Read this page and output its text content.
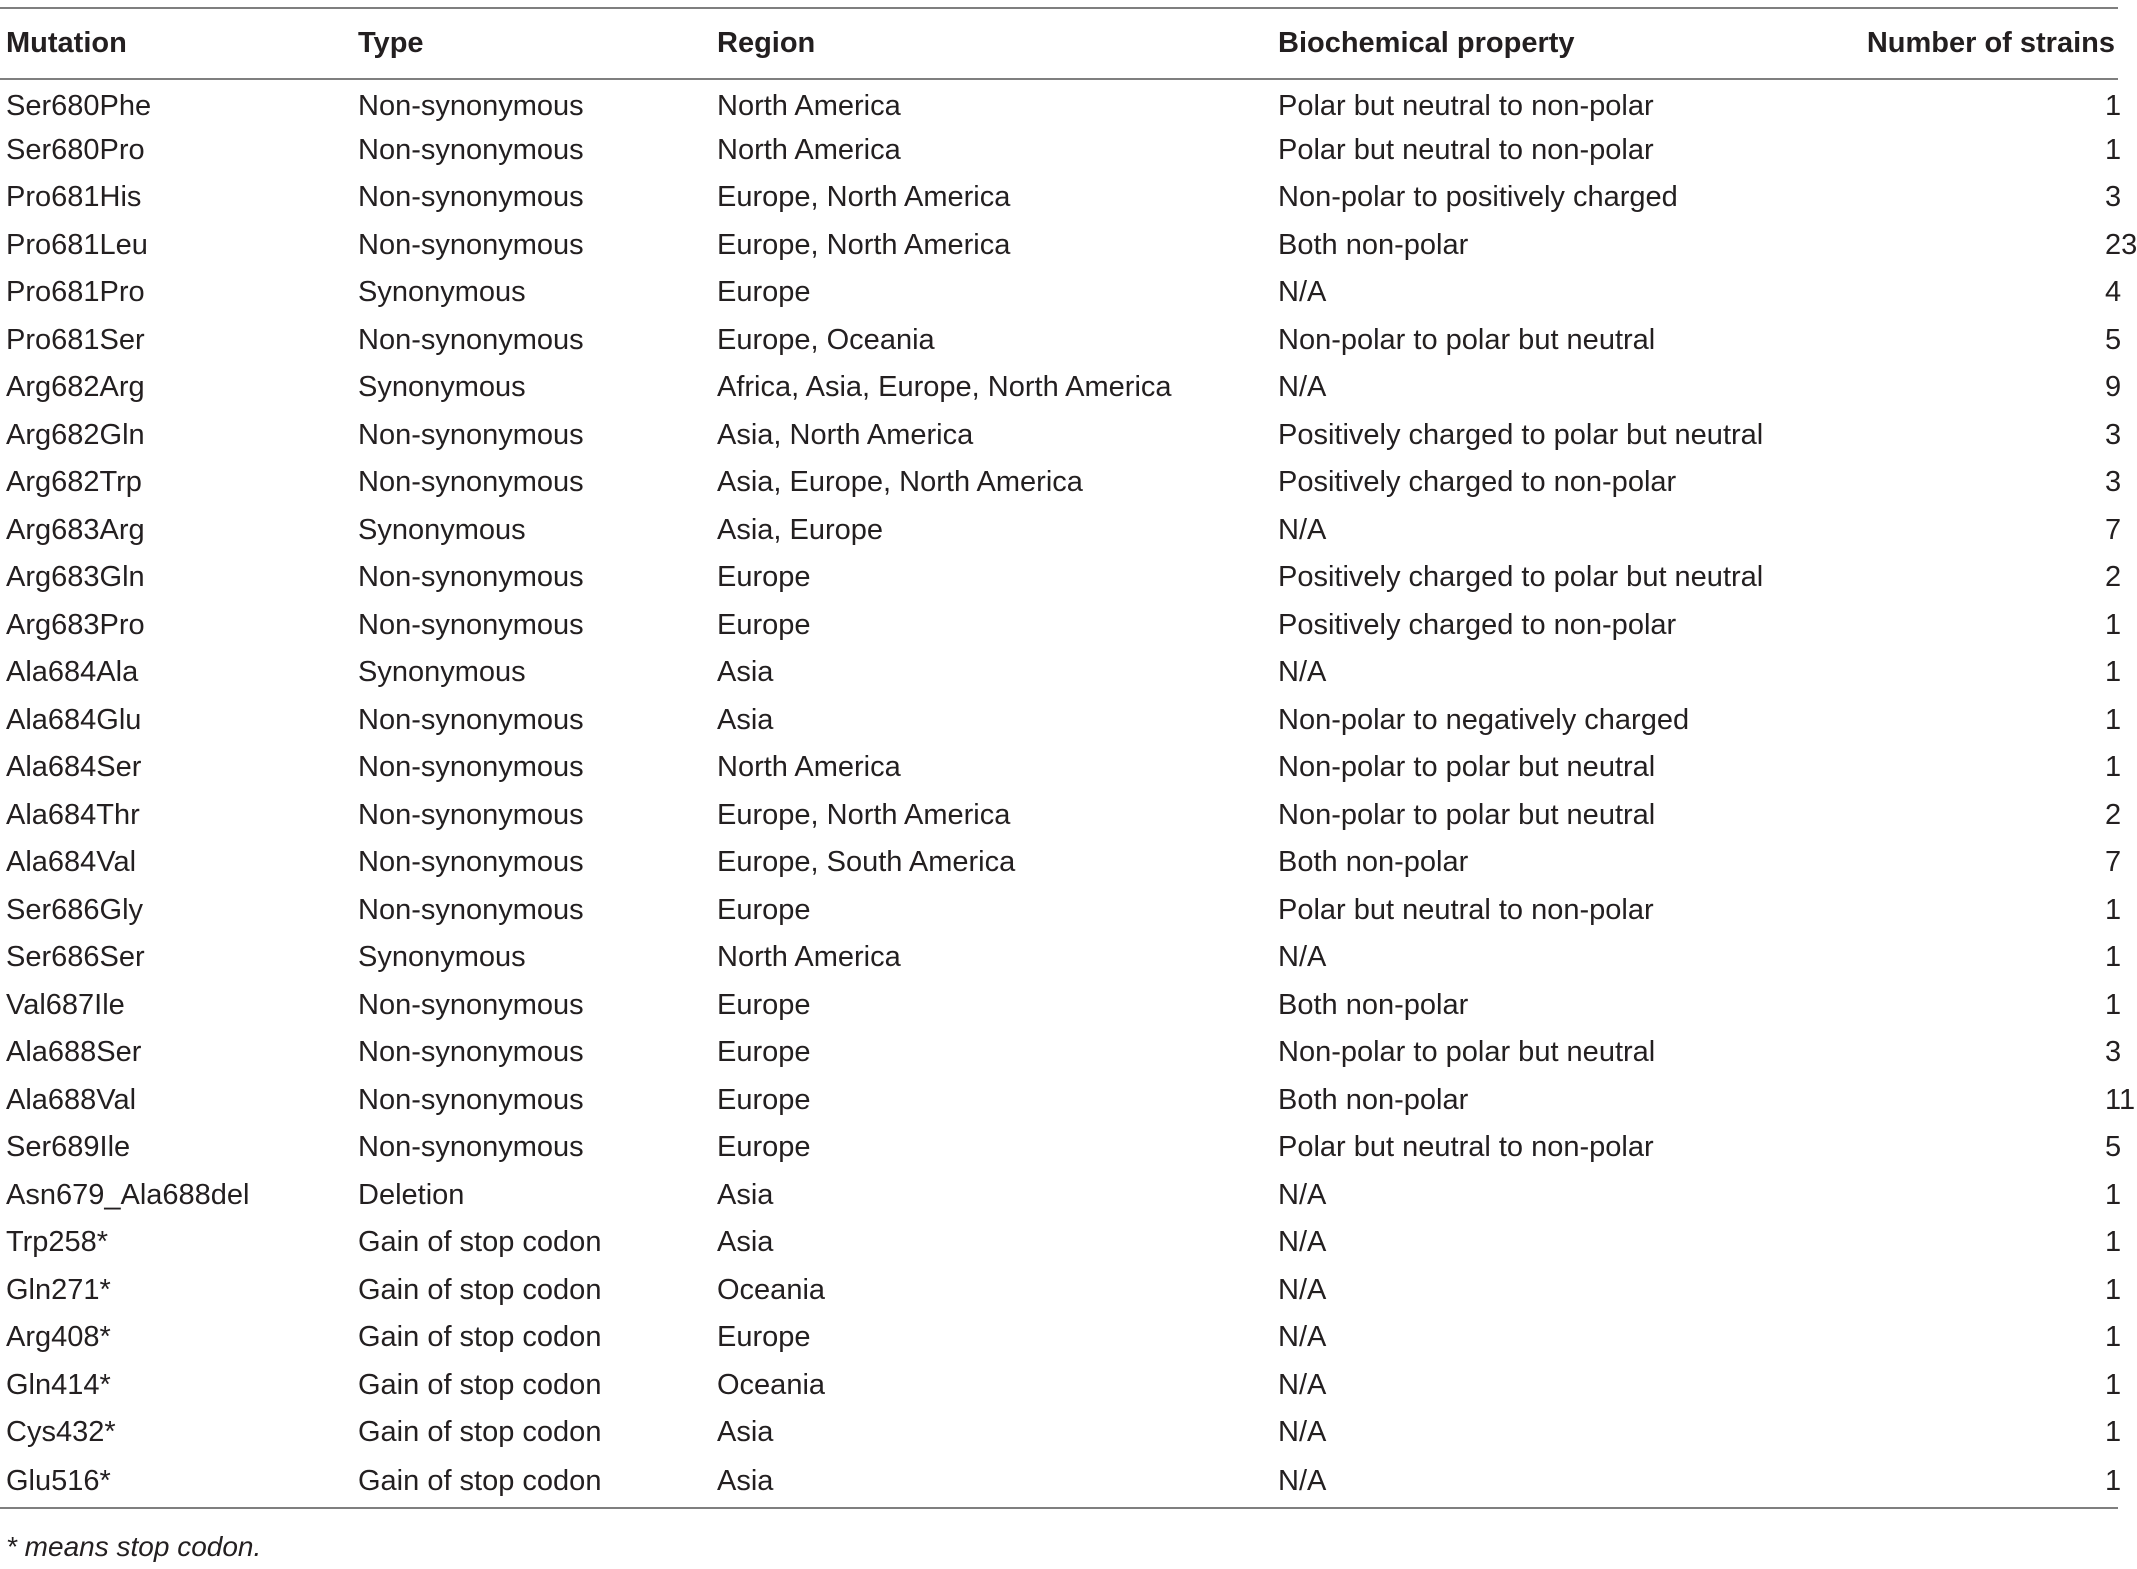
Mutation	Type	Region	Biochemical property	Number of strains
Ser680Phe	Non-synonymous	North America	Polar but neutral to non-polar	1
Ser680Pro	Non-synonymous	North America	Polar but neutral to non-polar	1
Pro681His	Non-synonymous	Europe, North America	Non-polar to positively charged	3
Pro681Leu	Non-synonymous	Europe, North America	Both non-polar	23
Pro681Pro	Synonymous	Europe	N/A	4
Pro681Ser	Non-synonymous	Europe, Oceania	Non-polar to polar but neutral	5
Arg682Arg	Synonymous	Africa, Asia, Europe, North America	N/A	9
Arg682Gln	Non-synonymous	Asia, North America	Positively charged to polar but neutral	3
Arg682Trp	Non-synonymous	Asia, Europe, North America	Positively charged to non-polar	3
Arg683Arg	Synonymous	Asia, Europe	N/A	7
Arg683Gln	Non-synonymous	Europe	Positively charged to polar but neutral	2
Arg683Pro	Non-synonymous	Europe	Positively charged to non-polar	1
Ala684Ala	Synonymous	Asia	N/A	1
Ala684Glu	Non-synonymous	Asia	Non-polar to negatively charged	1
Ala684Ser	Non-synonymous	North America	Non-polar to polar but neutral	1
Ala684Thr	Non-synonymous	Europe, North America	Non-polar to polar but neutral	2
Ala684Val	Non-synonymous	Europe, South America	Both non-polar	7
Ser686Gly	Non-synonymous	Europe	Polar but neutral to non-polar	1
Ser686Ser	Synonymous	North America	N/A	1
Val687Ile	Non-synonymous	Europe	Both non-polar	1
Ala688Ser	Non-synonymous	Europe	Non-polar to polar but neutral	3
Ala688Val	Non-synonymous	Europe	Both non-polar	11
Ser689Ile	Non-synonymous	Europe	Polar but neutral to non-polar	5
Asn679_Ala688del	Deletion	Asia	N/A	1
Trp258*	Gain of stop codon	Asia	N/A	1
Gln271*	Gain of stop codon	Oceania	N/A	1
Arg408*	Gain of stop codon	Europe	N/A	1
Gln414*	Gain of stop codon	Oceania	N/A	1
Cys432*	Gain of stop codon	Asia	N/A	1
Glu516*	Gain of stop codon	Asia	N/A	1
* means stop codon.
